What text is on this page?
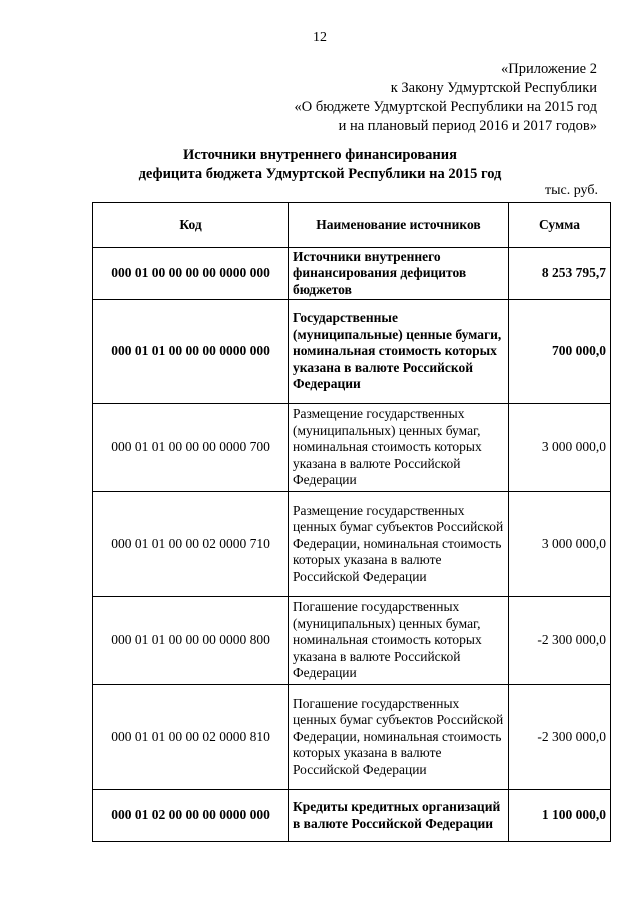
12
«Приложение 2
к Закону Удмуртской Республики
«О бюджете Удмуртской Республики на 2015 год
и на плановый период 2016 и 2017 годов»
Источники внутреннего финансирования
дефицита бюджета Удмуртской Республики на 2015 год
тыс. руб.
Код	Наименование источников	Сумма
000 01 00 00 00 00 0000 000	Источники внутреннего финансирования дефицитов бюджетов	8 253 795,7
000 01 01 00 00 00 0000 000	Государственные (муниципальные) ценные бумаги, номинальная стоимость которых указана в валюте Российской Федерации	700 000,0
000 01 01 00 00 00 0000 700	Размещение государственных (муниципальных) ценных бумаг, номинальная стоимость которых указана в валюте Российской Федерации	3 000 000,0
000 01 01 00 00 02 0000 710	Размещение государственных ценных бумаг субъектов Российской Федерации, номинальная стоимость которых указана в валюте Российской Федерации	3 000 000,0
000 01 01 00 00 00 0000 800	Погашение государственных (муниципальных) ценных бумаг, номинальная стоимость которых указана в валюте Российской Федерации	-2 300 000,0
000 01 01 00 00 02 0000 810	Погашение государственных ценных бумаг субъектов Российской Федерации, номинальная стоимость которых указана в валюте Российской Федерации	-2 300 000,0
000 01 02 00 00 00 0000 000	Кредиты кредитных организаций в валюте Российской Федерации	1 100 000,0
